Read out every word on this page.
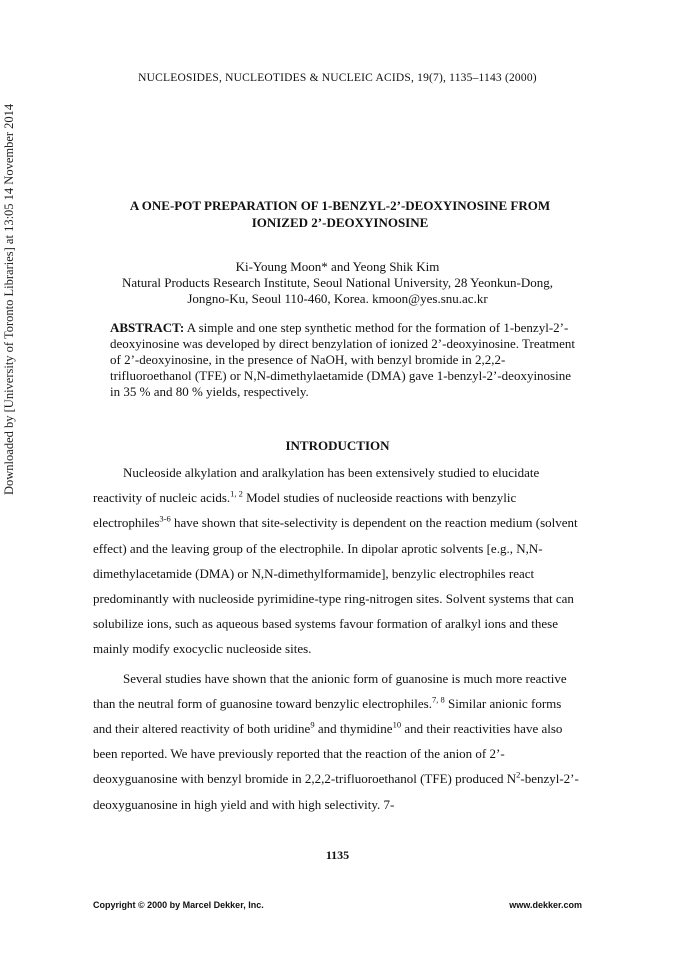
Downloaded by [University of Toronto Libraries] at 13:05 14 November 2014
NUCLEOSIDES, NUCLEOTIDES & NUCLEIC ACIDS, 19(7), 1135–1143 (2000)
A ONE-POT PREPARATION OF 1-BENZYL-2’-DEOXYINOSINE FROM
IONIZED 2’-DEOXYINOSINE
Ki-Young Moon* and Yeong Shik Kim
Natural Products Research Institute, Seoul National University, 28 Yeonkun-Dong,
Jongno-Ku, Seoul 110-460, Korea. kmoon@yes.snu.ac.kr
ABSTRACT: A simple and one step synthetic method for the formation of 1-benzyl-2’-deoxyinosine was developed by direct benzylation of ionized 2’-deoxyinosine. Treatment of 2’-deoxyinosine, in the presence of NaOH, with benzyl bromide in 2,2,2-trifluoroethanol (TFE) or N,N-dimethylaetamide (DMA) gave 1-benzyl-2’-deoxyinosine in 35 % and 80 % yields, respectively.
INTRODUCTION

Nucleoside alkylation and aralkylation has been extensively studied to elucidate reactivity of nucleic acids.$^{1, 2}$ Model studies of nucleoside reactions with benzylic electrophiles$^{3-6}$ have shown that site-selectivity is dependent on the reaction medium (solvent effect) and the leaving group of the electrophile. In dipolar aprotic solvents [e.g., N,N-dimethylacetamide (DMA) or N,N-dimethylformamide], benzylic electrophiles react predominantly with nucleoside pyrimidine-type ring-nitrogen sites. Solvent systems that can solubilize ions, such as aqueous based systems favour formation of aralkyl ions and these mainly modify exocyclic nucleoside sites.

Several studies have shown that the anionic form of guanosine is much more reactive than the neutral form of guanosine toward benzylic electrophiles.$^{7, 8}$ Similar anionic forms and their altered reactivity of both uridine$^9$ and thymidine$^{10}$ and their reactivities have also been reported. We have previously reported that the reaction of the anion of 2’-deoxyguanosine with benzyl bromide in 2,2,2-trifluoroethanol (TFE) produced $N^2-benzyl-2$’-deoxyguanosine in high yield and with high selectivity. 7-

1135
Copyright © 2000 by Marcel Dekker, Inc.	www.dekker.com
